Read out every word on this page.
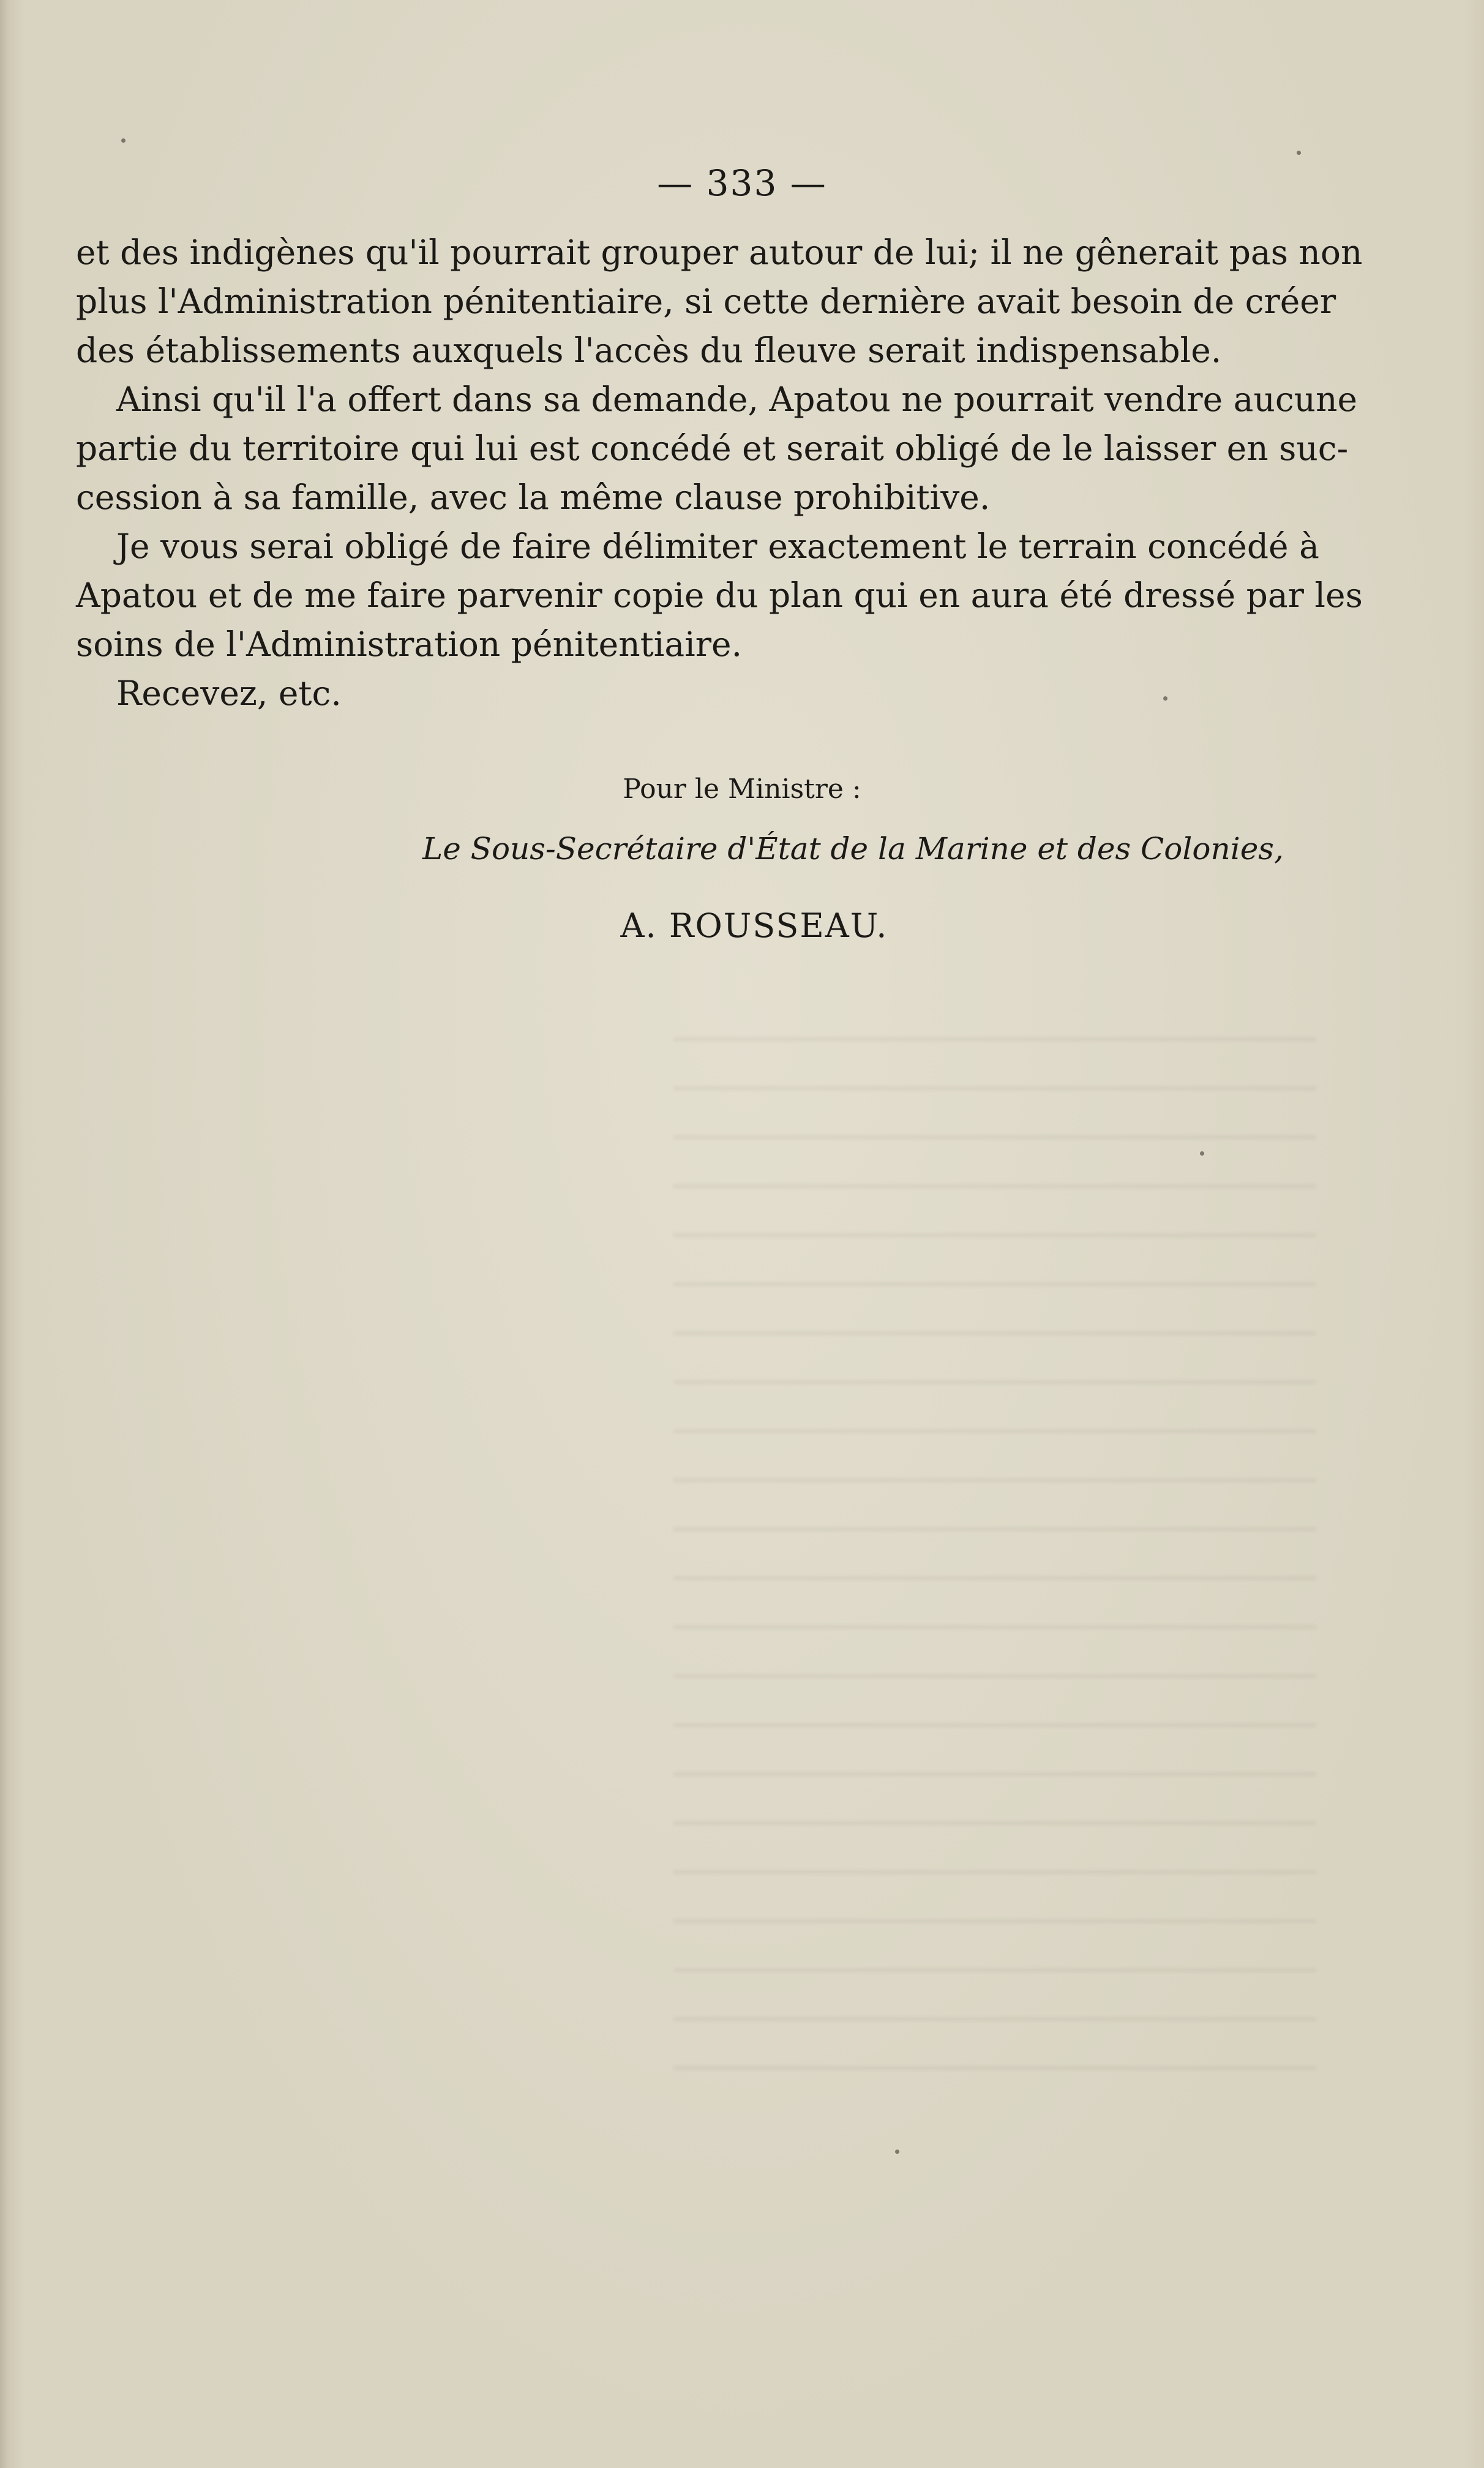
— 333 —

et des indigènes qu'il pourrait grouper autour de lui; il ne gênerait pas non
plus l'Administration pénitentiaire, si cette dernière avait besoin de créer
des établissements auxquels l'accès du fleuve serait indispensable.

Ainsi qu'il l'a offert dans sa demande, Apatou ne pourrait vendre aucune
partie du territoire qui lui est concédé et serait obligé de le laisser en suc-
cession à sa famille, avec la même clause prohibitive.

Je vous serai obligé de faire délimiter exactement le terrain concédé à
Apatou et de me faire parvenir copie du plan qui en aura été dressé par les
soins de l'Administration pénitentiaire.

Recevez, etc.

Pour le Ministre :
Le Sous-Secrétaire d'État de la Marine et des Colonies,
A. ROUSSEAU.
